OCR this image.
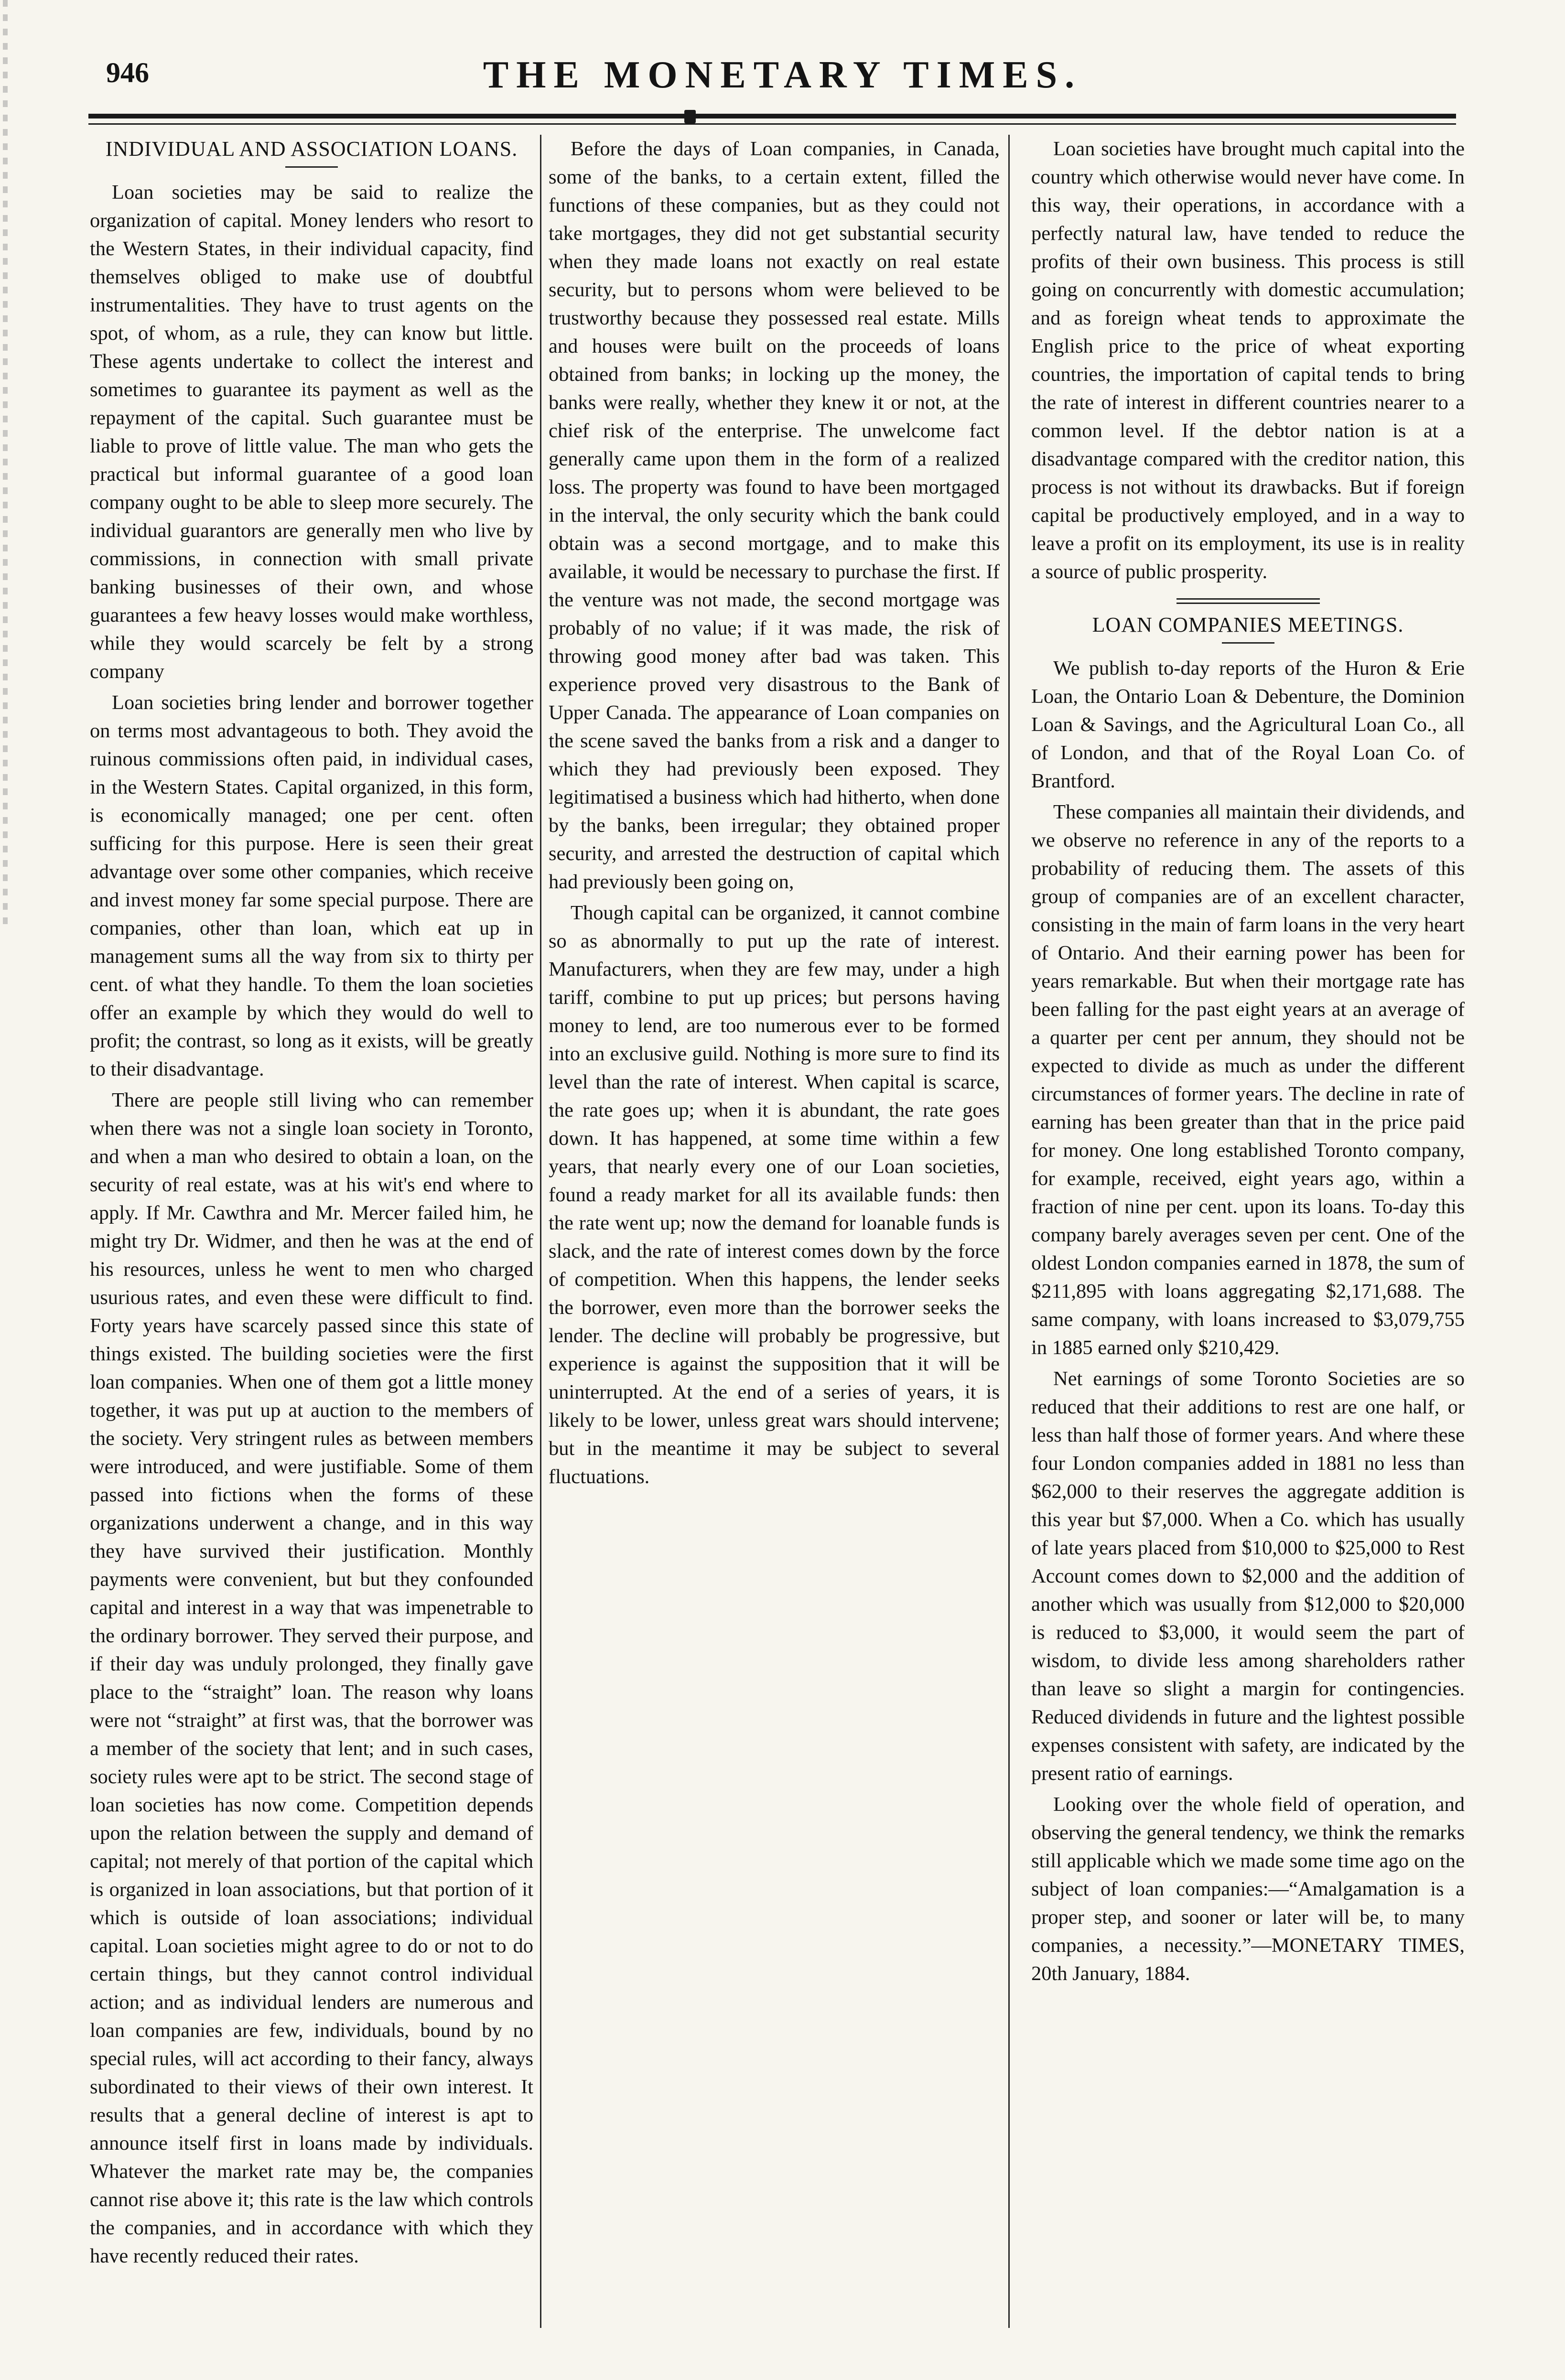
946	THE MONETARY TIMES.
INDIVIDUAL AND ASSOCIATION LOANS.

Loan societies may be said to realize the organization of capital. Money lenders who resort to the Western States, in their individual capacity, find themselves obliged to make use of doubtful instrumentalities. They have to trust agents on the spot, of whom, as a rule, they can know but little. These agents undertake to collect the interest and sometimes to guarantee its payment as well as the repayment of the capital. Such guarantee must be liable to prove of little value. The man who gets the practical but informal guarantee of a good loan company ought to be able to sleep more securely. The individual guarantors are generally men who live by commissions, in connection with small private banking businesses of their own, and whose guarantees a few heavy losses would make worthless, while they would scarcely be felt by a strong company

Loan societies bring lender and borrower together on terms most advantageous to both. They avoid the ruinous commissions often paid, in individual cases, in the Western States. Capital organized, in this form, is economically managed; one per cent. often sufficing for this purpose. Here is seen their great advantage over some other companies, which receive and invest money far some special purpose. There are companies, other than loan, which eat up in management sums all the way from six to thirty per cent. of what they handle. To them the loan societies offer an example by which they would do well to profit; the contrast, so long as it exists, will be greatly to their disadvantage.

There are people still living who can remember when there was not a single loan society in Toronto, and when a man who desired to obtain a loan, on the security of real estate, was at his wit's end where to apply. If Mr. Cawthra and Mr. Mercer failed him, he might try Dr. Widmer, and then he was at the end of his resources, unless he went to men who charged usurious rates, and even these were difficult to find. Forty years have scarcely passed since this state of things existed. The building societies were the first loan companies. When one of them got a little money together, it was put up at auction to the members of the society. Very stringent rules as between members were introduced, and were justifiable. Some of them passed into fictions when the forms of these organizations underwent a change, and in this way they have survived their justification. Monthly payments were convenient, but but they confounded capital and interest in a way that was impenetrable to the ordinary borrower. They served their purpose, and if their day was unduly prolonged, they finally gave place to the “straight” loan. The reason why loans were not “straight” at first was, that the borrower was a member of the society that lent; and in such cases, society rules were apt to be strict. The second stage of loan societies has now come. Competition depends upon the relation between the supply and demand of capital; not merely of that portion of the capital which is organized in loan associations, but that portion of it which is outside of loan associations; individual capital. Loan societies might agree to do or not to do certain things, but they cannot control individual action; and as individual lenders are numerous and loan companies are few, individuals, bound by no special rules, will act according to their fancy, always subordinated to their views of their own interest. It results that a general decline of interest is apt to announce itself first in loans made by individuals. Whatever the market rate may be, the companies cannot rise above it; this rate is the law which controls the companies, and in accordance with which they have recently reduced their rates.

Before the days of Loan companies, in Canada, some of the banks, to a certain extent, filled the functions of these companies, but as they could not take mortgages, they did not get substantial security when they made loans not exactly on real estate security, but to persons whom were believed to be trustworthy because they possessed real estate. Mills and houses were built on the proceeds of loans obtained from banks; in locking up the money, the banks were really, whether they knew it or not, at the chief risk of the enterprise. The unwelcome fact generally came upon them in the form of a realized loss. The property was found to have been mortgaged in the interval, the only security which the bank could obtain was a second mortgage, and to make this available, it would be necessary to purchase the first. If the venture was not made, the second mortgage was probably of no value; if it was made, the risk of throwing good money after bad was taken. This experience proved very disastrous to the Bank of Upper Canada. The appearance of Loan companies on the scene saved the banks from a risk and a danger to which they had previously been exposed. They legitimatised a business which had hitherto, when done by the banks, been irregular; they obtained proper security, and arrested the destruction of capital which had previously been going on,

Though capital can be organized, it cannot combine so as abnormally to put up the rate of interest. Manufacturers, when they are few may, under a high tariff, combine to put up prices; but persons having money to lend, are too numerous ever to be formed into an exclusive guild. Nothing is more sure to find its level than the rate of interest. When capital is scarce, the rate goes up; when it is abundant, the rate goes down. It has happened, at some time within a few years, that nearly every one of our Loan societies, found a ready market for all its available funds: then the rate went up; now the demand for loanable funds is slack, and the rate of interest comes down by the force of competition. When this happens, the lender seeks the borrower, even more than the borrower seeks the lender. The decline will probably be progressive, but experience is against the supposition that it will be uninterrupted. At the end of a series of years, it is likely to be lower, unless great wars should intervene; but in the meantime it may be subject to several fluctuations.

Loan societies have brought much capital into the country which otherwise would never have come. In this way, their operations, in accordance with a perfectly natural law, have tended to reduce the profits of their own business. This process is still going on concurrently with domestic accumulation; and as foreign wheat tends to approximate the English price to the price of wheat exporting countries, the importation of capital tends to bring the rate of interest in different countries nearer to a common level. If the debtor nation is at a disadvantage compared with the creditor nation, this process is not without its drawbacks. But if foreign capital be productively employed, and in a way to leave a profit on its employment, its use is in reality a source of public prosperity.

LOAN COMPANIES MEETINGS.

We publish to-day reports of the Huron & Erie Loan, the Ontario Loan & Debenture, the Dominion Loan & Savings, and the Agricultural Loan Co., all of London, and that of the Royal Loan Co. of Brantford.

These companies all maintain their dividends, and we observe no reference in any of the reports to a probability of reducing them. The assets of this group of companies are of an excellent character, consisting in the main of farm loans in the very heart of Ontario. And their earning power has been for years remarkable. But when their mortgage rate has been falling for the past eight years at an average of a quarter per cent per annum, they should not be expected to divide as much as under the different circumstances of former years. The decline in rate of earning has been greater than that in the price paid for money. One long established Toronto company, for example, received, eight years ago, within a fraction of nine per cent. upon its loans. To-day this company barely averages seven per cent. One of the oldest London companies earned in 1878, the sum of $211,895 with loans aggregating $2,171,688. The same company, with loans increased to $3,079,755 in 1885 earned only $210,429.

Net earnings of some Toronto Societies are so reduced that their additions to rest are one half, or less than half those of former years. And where these four London companies added in 1881 no less than $62,000 to their reserves the aggregate addition is this year but $7,000. When a Co. which has usually of late years placed from $10,000 to $25,000 to Rest Account comes down to $2,000 and the addition of another which was usually from $12,000 to $20,000 is reduced to $3,000, it would seem the part of wisdom, to divide less among shareholders rather than leave so slight a margin for contingencies. Reduced dividends in future and the lightest possible expenses consistent with safety, are indicated by the present ratio of earnings.

Looking over the whole field of operation, and observing the general tendency, we think the remarks still applicable which we made some time ago on the subject of loan companies:—“Amalgamation is a proper step, and sooner or later will be, to many companies, a necessity.”—MONETARY TIMES, 20th January, 1884.
